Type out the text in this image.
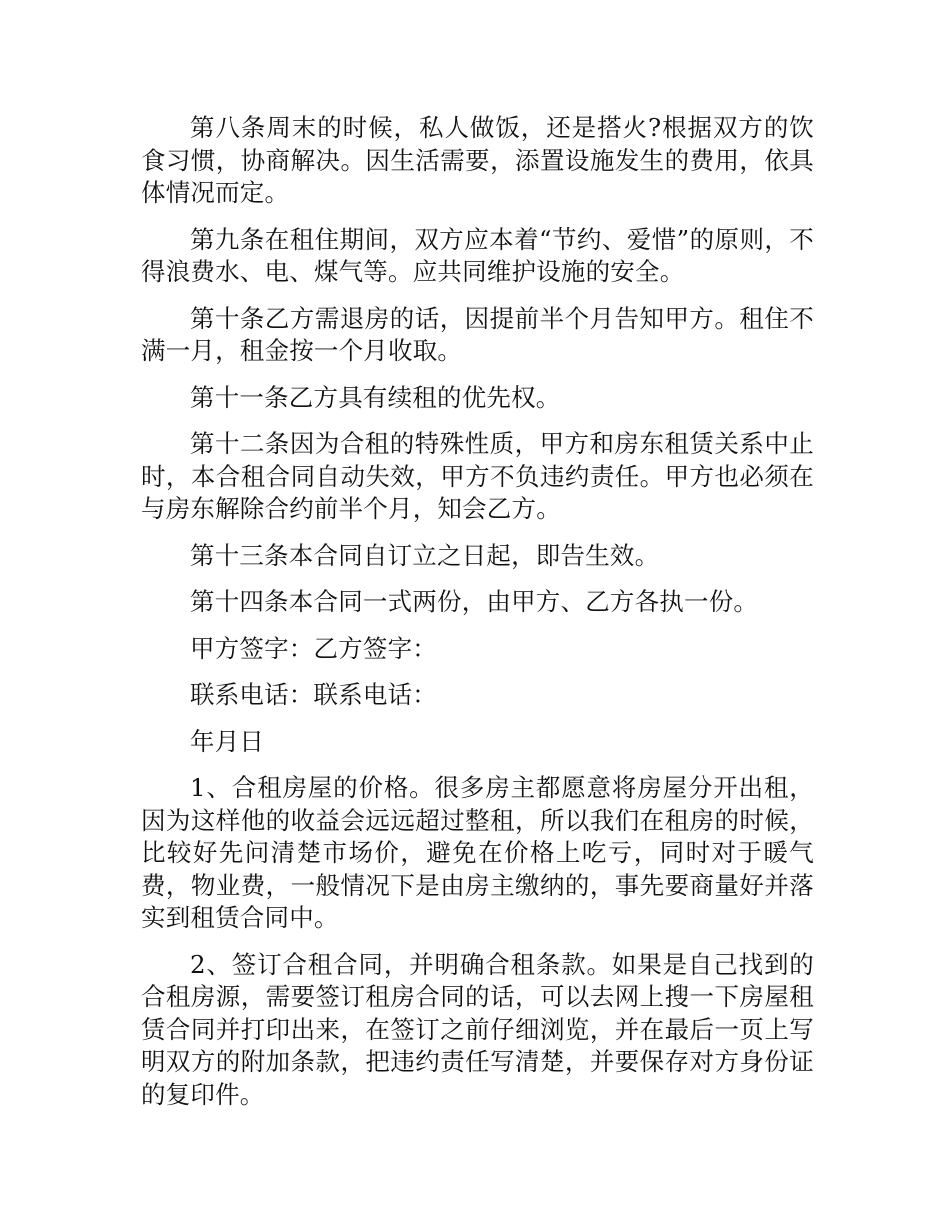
第八条周末的时候，私人做饭，还是搭火?根据双方的饮食习惯，协商解决。因生活需要，添置设施发生的费用，依具体情况而定。

第九条在租住期间，双方应本着“节约、爱惜”的原则，不得浪费水、电、煤气等。应共同维护设施的安全。

第十条乙方需退房的话，因提前半个月告知甲方。租住不满一月，租金按一个月收取。

第十一条乙方具有续租的优先权。

第十二条因为合租的特殊性质，甲方和房东租赁关系中止时，本合租合同自动失效，甲方不负违约责任。甲方也必须在与房东解除合约前半个月，知会乙方。

第十三条本合同自订立之日起，即告生效。

第十四条本合同一式两份，由甲方、乙方各执一份。

甲方签字：乙方签字：

联系电话：联系电话：

年月日

1、合租房屋的价格。很多房主都愿意将房屋分开出租，因为这样他的收益会远远超过整租，所以我们在租房的时候，比较好先问清楚市场价，避免在价格上吃亏，同时对于暖气费，物业费，一般情况下是由房主缴纳的，事先要商量好并落实到租赁合同中。

2、签订合租合同，并明确合租条款。如果是自己找到的合租房源，需要签订租房合同的话，可以去网上搜一下房屋租赁合同并打印出来，在签订之前仔细浏览，并在最后一页上写明双方的附加条款，把违约责任写清楚，并要保存对方身份证的复印件。
